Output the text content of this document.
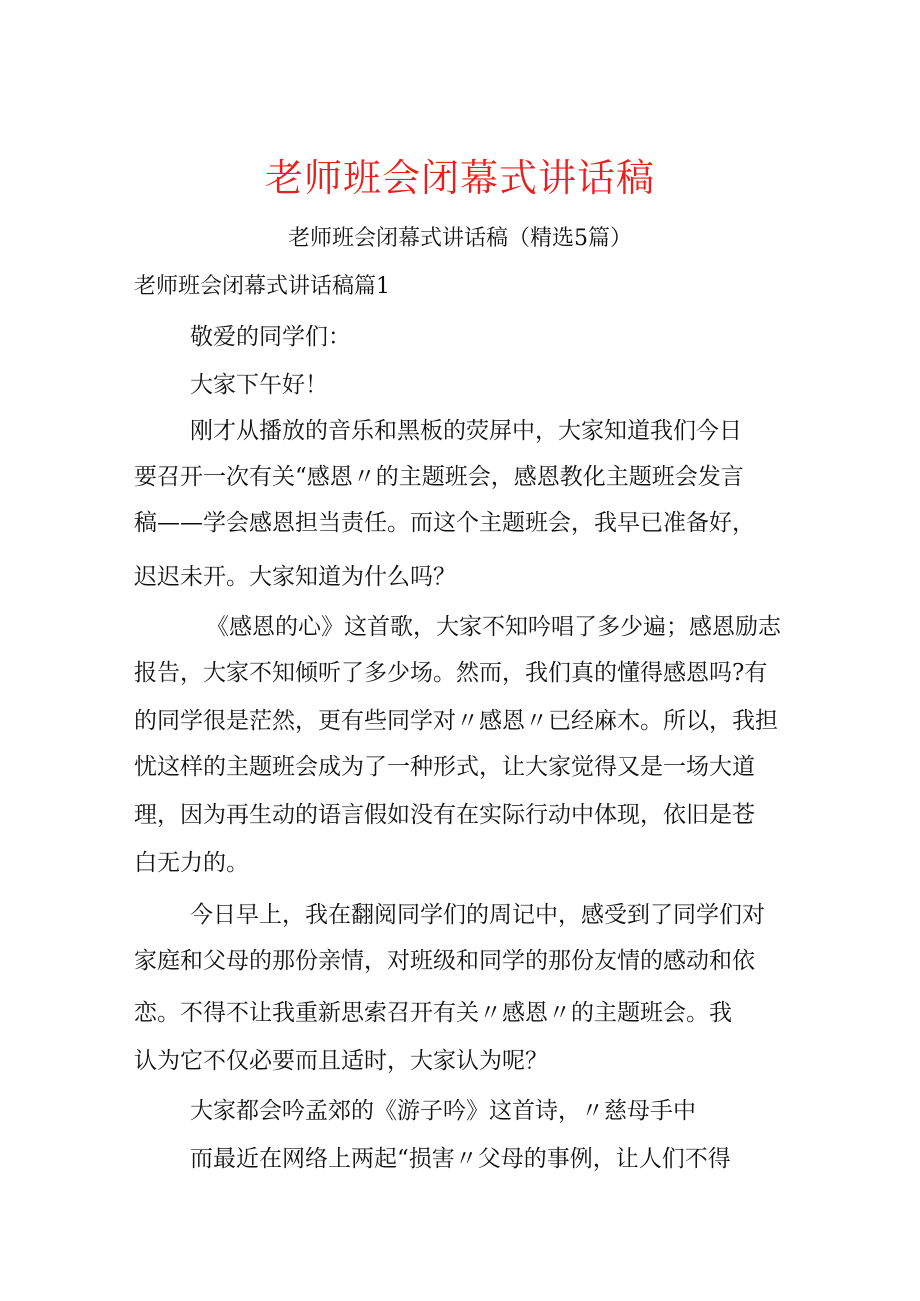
老师班会闭幕式讲话稿
老师班会闭幕式讲话稿（精选5篇）
老师班会闭幕式讲话稿篇1
敬爱的同学们：
大家下午好！
刚才从播放的音乐和黑板的荧屏中，大家知道我们今日
要召开一次有关“感恩〃的主题班会，感恩教化主题班会发言
稿——学会感恩担当责任。而这个主题班会，我早已准备好，
迟迟未开。大家知道为什么吗？
《感恩的心》这首歌，大家不知吟唱了多少遍；感恩励志
报告，大家不知倾听了多少场。然而，我们真的懂得感恩吗?有
的同学很是茫然，更有些同学对〃感恩〃已经麻木。所以，我担
忧这样的主题班会成为了一种形式，让大家觉得又是一场大道
理，因为再生动的语言假如没有在实际行动中体现，依旧是苍
白无力的。
今日早上，我在翻阅同学们的周记中，感受到了同学们对
家庭和父母的那份亲情，对班级和同学的那份友情的感动和依
恋。不得不让我重新思索召开有关〃感恩〃的主题班会。我
认为它不仅必要而且适时，大家认为呢？
大家都会吟孟郊的《游子吟》这首诗，〃慈母手中
而最近在网络上两起“损害〃父母的事例，让人们不得
